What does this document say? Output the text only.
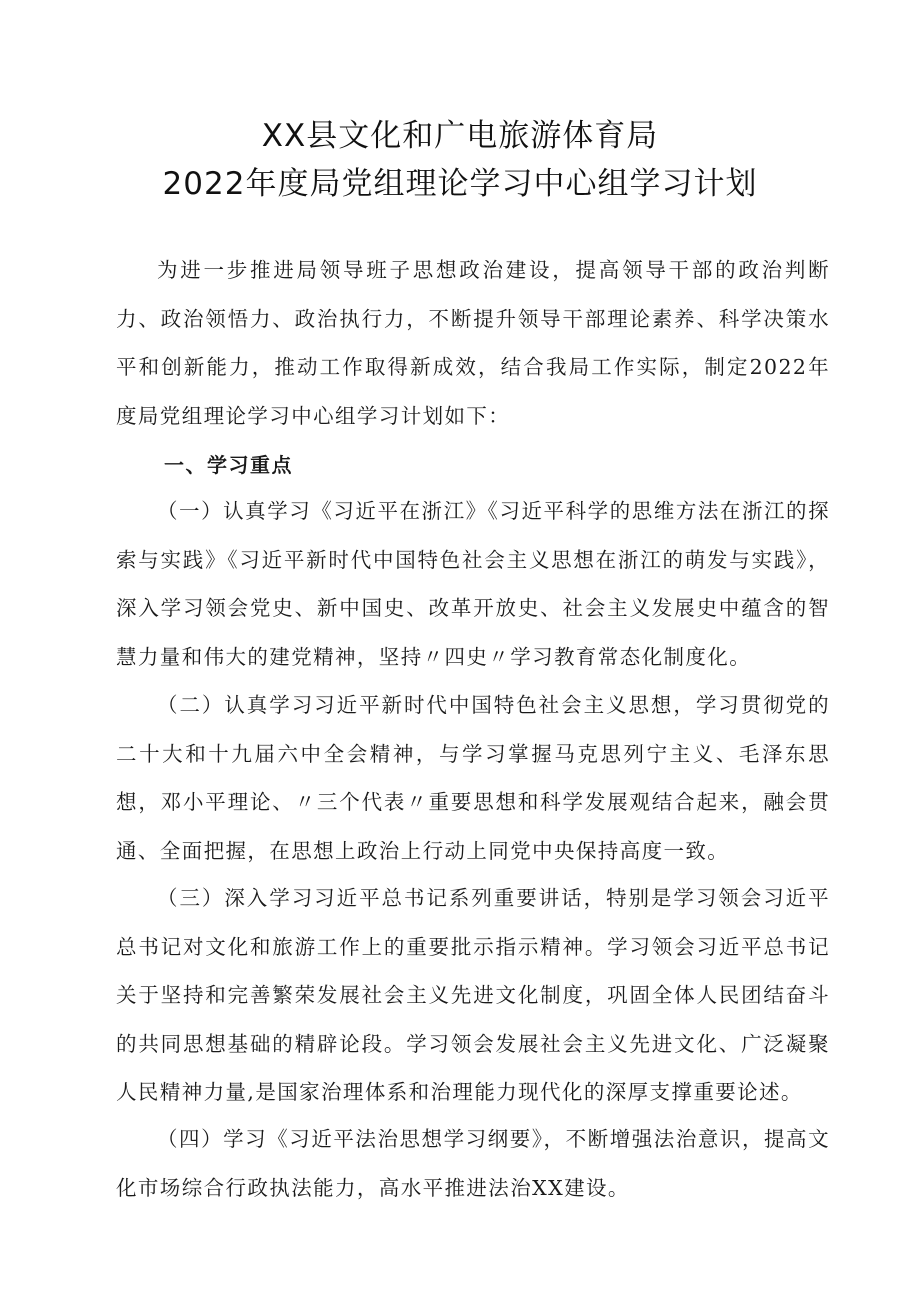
XX县文化和广电旅游体育局
2022年度局党组理论学习中心组学习计划

为进一步推进局领导班子思想政治建设，提高领导干部的政治判断力、政治领悟力、政治执行力，不断提升领导干部理论素养、科学决策水平和创新能力，推动工作取得新成效，结合我局工作实际，制定2022年度局党组理论学习中心组学习计划如下：

一、学习重点

（一）认真学习《习近平在浙江》《习近平科学的思维方法在浙江的探索与实践》《习近平新时代中国特色社会主义思想在浙江的萌发与实践》，深入学习领会党史、新中国史、改革开放史、社会主义发展史中蕴含的智慧力量和伟大的建党精神，坚持〃四史〃学习教育常态化制度化。

（二）认真学习习近平新时代中国特色社会主义思想，学习贯彻党的二十大和十九届六中全会精神，与学习掌握马克思列宁主义、毛泽东思想，邓小平理论、〃三个代表〃重要思想和科学发展观结合起来，融会贯通、全面把握，在思想上政治上行动上同党中央保持高度一致。

（三）深入学习习近平总书记系列重要讲话，特别是学习领会习近平总书记对文化和旅游工作上的重要批示指示精神。学习领会习近平总书记关于坚持和完善繁荣发展社会主义先进文化制度，巩固全体人民团结奋斗的共同思想基础的精辟论段。学习领会发展社会主义先进文化、广泛凝聚人民精神力量,是国家治理体系和治理能力现代化的深厚支撑重要论述。

（四）学习《习近平法治思想学习纲要》，不断增强法治意识，提高文化市场综合行政执法能力，高水平推进法治XX建设。
